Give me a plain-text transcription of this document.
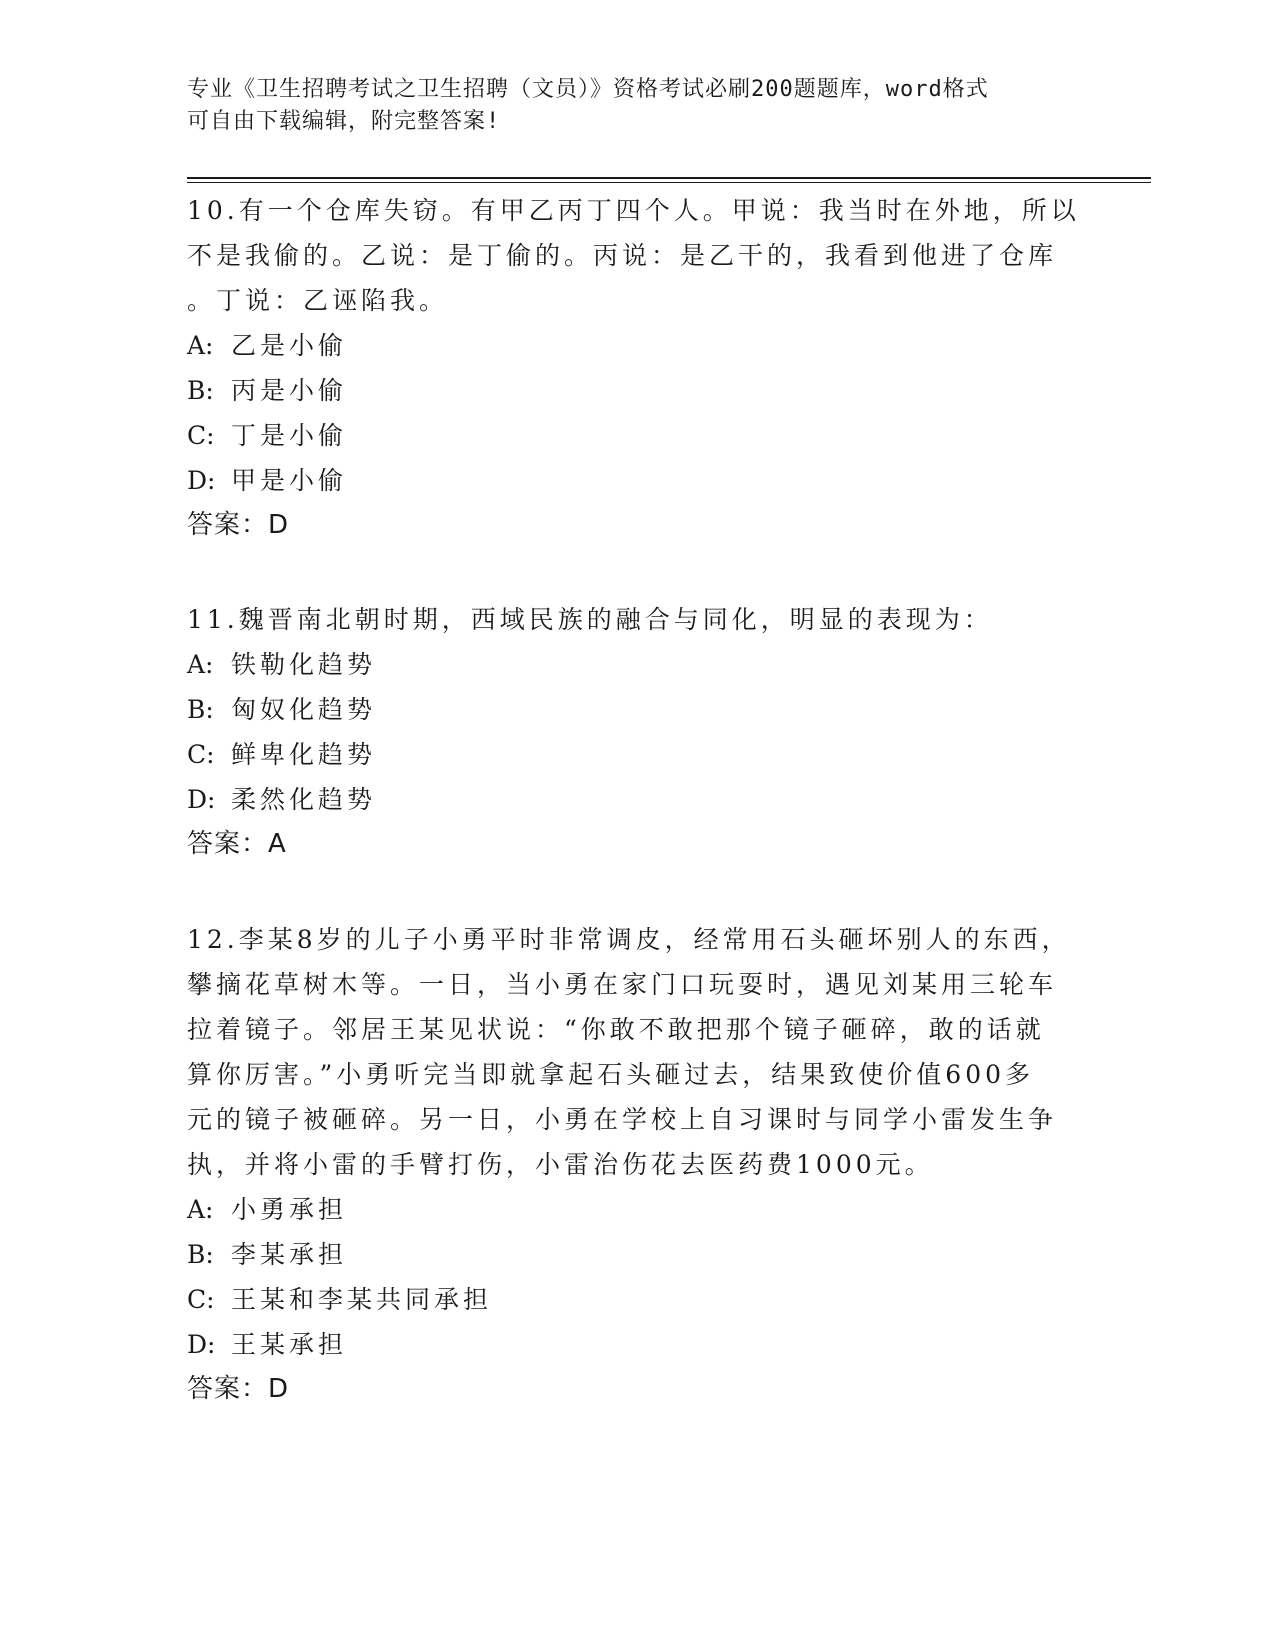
专业《卫生招聘考试之卫生招聘（文员）》资格考试必刷200题题库，word格式
可自由下载编辑，附完整答案!
10.有一个仓库失窃。有甲乙丙丁四个人。甲说：我当时在外地，所以
不是我偷的。乙说：是丁偷的。丙说：是乙干的，我看到他进了仓库
。丁说：乙诬陷我。
A: 乙是小偷
B: 丙是小偷
C: 丁是小偷
D: 甲是小偷
答案：D
11.魏晋南北朝时期，西域民族的融合与同化，明显的表现为：
A: 铁勒化趋势
B: 匈奴化趋势
C: 鲜卑化趋势
D: 柔然化趋势
答案：A
12.李某8岁的儿子小勇平时非常调皮，经常用石头砸坏别人的东西，
攀摘花草树木等。一日，当小勇在家门口玩耍时，遇见刘某用三轮车
拉着镜子。邻居王某见状说：“你敢不敢把那个镜子砸碎，敢的话就
算你厉害。”小勇听完当即就拿起石头砸过去，结果致使价值600多
元的镜子被砸碎。另一日，小勇在学校上自习课时与同学小雷发生争
执，并将小雷的手臂打伤，小雷治伤花去医药费1000元。
A: 小勇承担
B: 李某承担
C: 王某和李某共同承担
D: 王某承担
答案：D
